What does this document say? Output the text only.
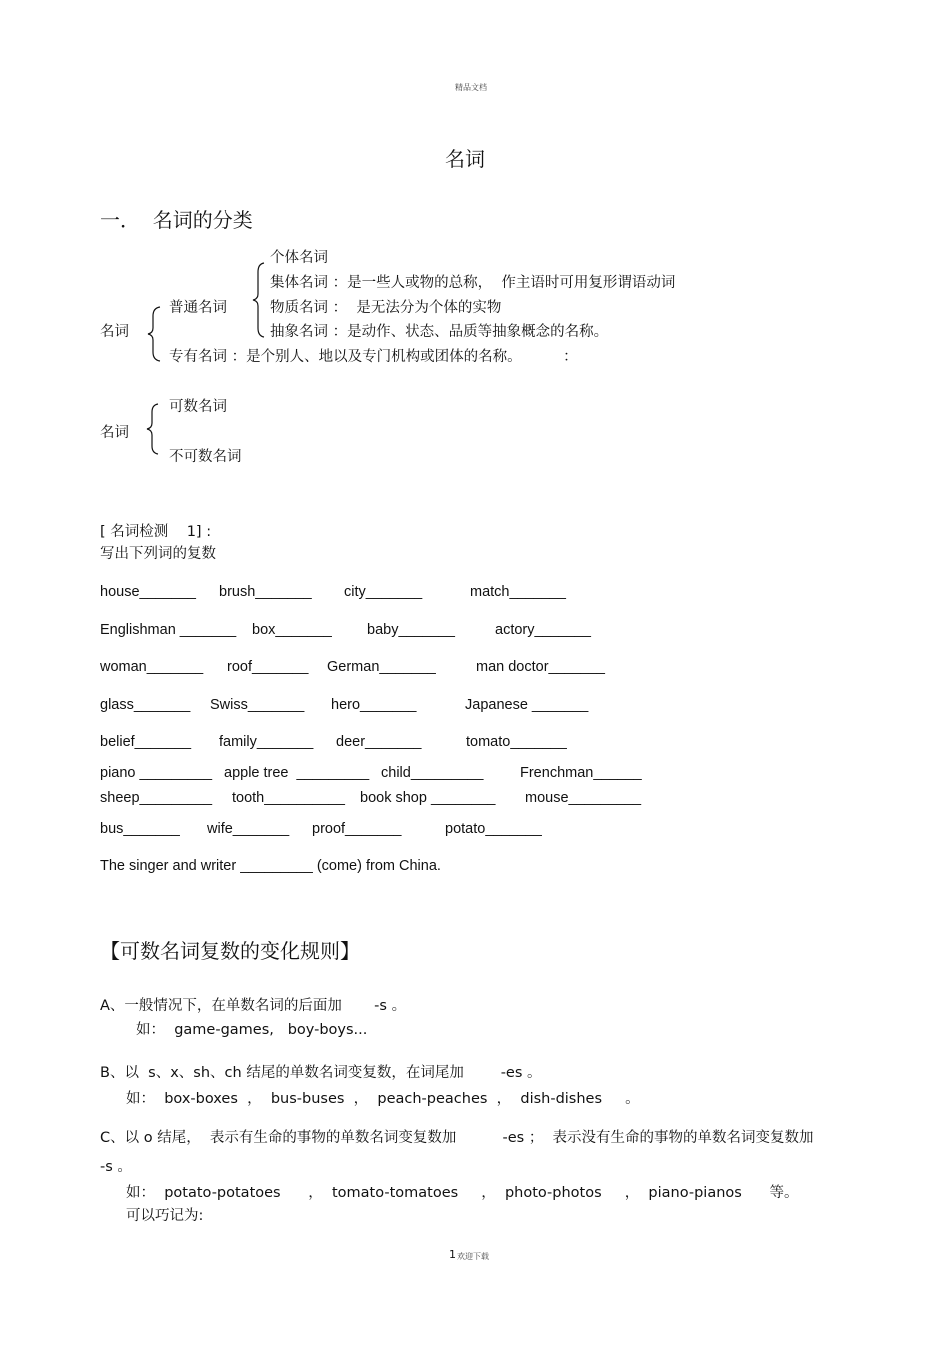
精品文档
名词
一．  名词的分类
名词
普通名词
个体名词
集体名词 ：是一些人或物的总称，  作主语时可用复形谓语动词
物质名词 ：  是无法分为个体的实物
抽象名词 ：是动作、状态、品质等抽象概念的名称。
专有名词 ：是个别人、地以及专门机构或团体的名称。         ：
名词
可数名词
不可数名词
[ 名词检测    1] :
写出下列词的复数
house_______ brush_______ city_______	match_______
Englishman _______ box_______ baby_______	actory_______
woman_______ roof_______ German_______	man doctor_______
glass_______ Swiss_______ hero_______	Japanese _______
belief_______ family_______ deer_______	tomato_______
piano _________ apple tree  _________ child_________	Frenchman______
sheep_________ tooth__________ book shop ________ mouse_________
bus_______ wife_______ proof_______	potato_______
The singer and writer _________ (come) from China.
【可数名词复数的变化规则】
A、一般情况下，在单数名词的后面加       -s 。
如：  game-games,   boy-boys...
B、以  s、x、sh、ch 结尾的单数名词变复数，在词尾加        -es 。
如：  box-boxes  ，  bus-buses  ，  peach-peaches  ，  dish-dishes     。
C、以 o 结尾，  表示有生命的事物的单数名词变复数加          -es ；  表示没有生命的事物的单数名词变复数加
-s 。
如：  potato-potatoes      ，  tomato-tomatoes     ，  photo-photos     ，  piano-pianos      等。
可以巧记为:
1 欢迎下载
